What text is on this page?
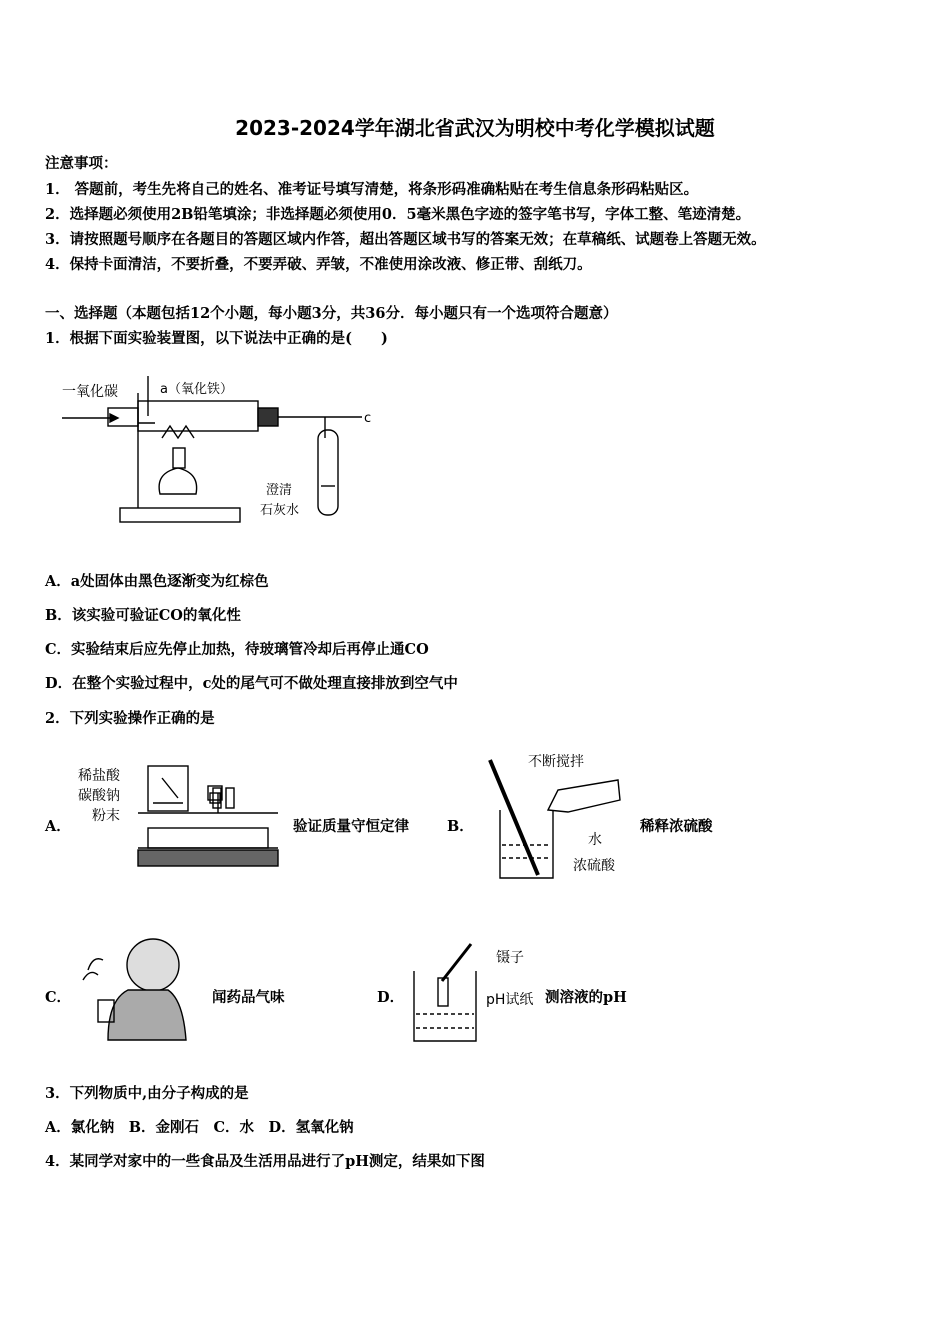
2023-2024学年湖北省武汉为明校中考化学模拟试题
注意事项：
1． 答题前，考生先将自己的姓名、准考证号填写清楚，将条形码准确粘贴在考生信息条形码粘贴区。
2．选择题必须使用2B铅笔填涂；非选择题必须使用0．5毫米黑色字迹的签字笔书写，字体工整、笔迹清楚。
3．请按照题号顺序在各题目的答题区域内作答，超出答题区域书写的答案无效；在草稿纸、试题卷上答题无效。
4．保持卡面清洁，不要折叠，不要弄破、弄皱，不准使用涂改液、修正带、刮纸刀。
一、选择题（本题包括12个小题，每小题3分，共36分．每小题只有一个选项符合题意）
1．根据下面实验装置图，以下说法中正确的是(　　)
一氧化碳	a（氧化铁）
c
澄清
石灰水
A．a处固体由黑色逐渐变为红棕色
B．该实验可验证CO的氧化性
C．实验结束后应先停止加热，待玻璃管冷却后再停止通CO
D．在整个实验过程中，c处的尾气可不做处理直接排放到空气中
2．下列实验操作正确的是
A．
稀盐酸
碳酸钠
粉末
验证质量守恒定律	B．
不断搅拌
水
浓硫酸
稀释浓硫酸
C．	闻药品气味	D．
镊子
pH试纸 测溶液的pH
3．下列物质中,由分子构成的是
A．氯化钠　B．金刚石　C．水　D．氢氧化钠
4．某同学对家中的一些食品及生活用品进行了pH测定，结果如下图
